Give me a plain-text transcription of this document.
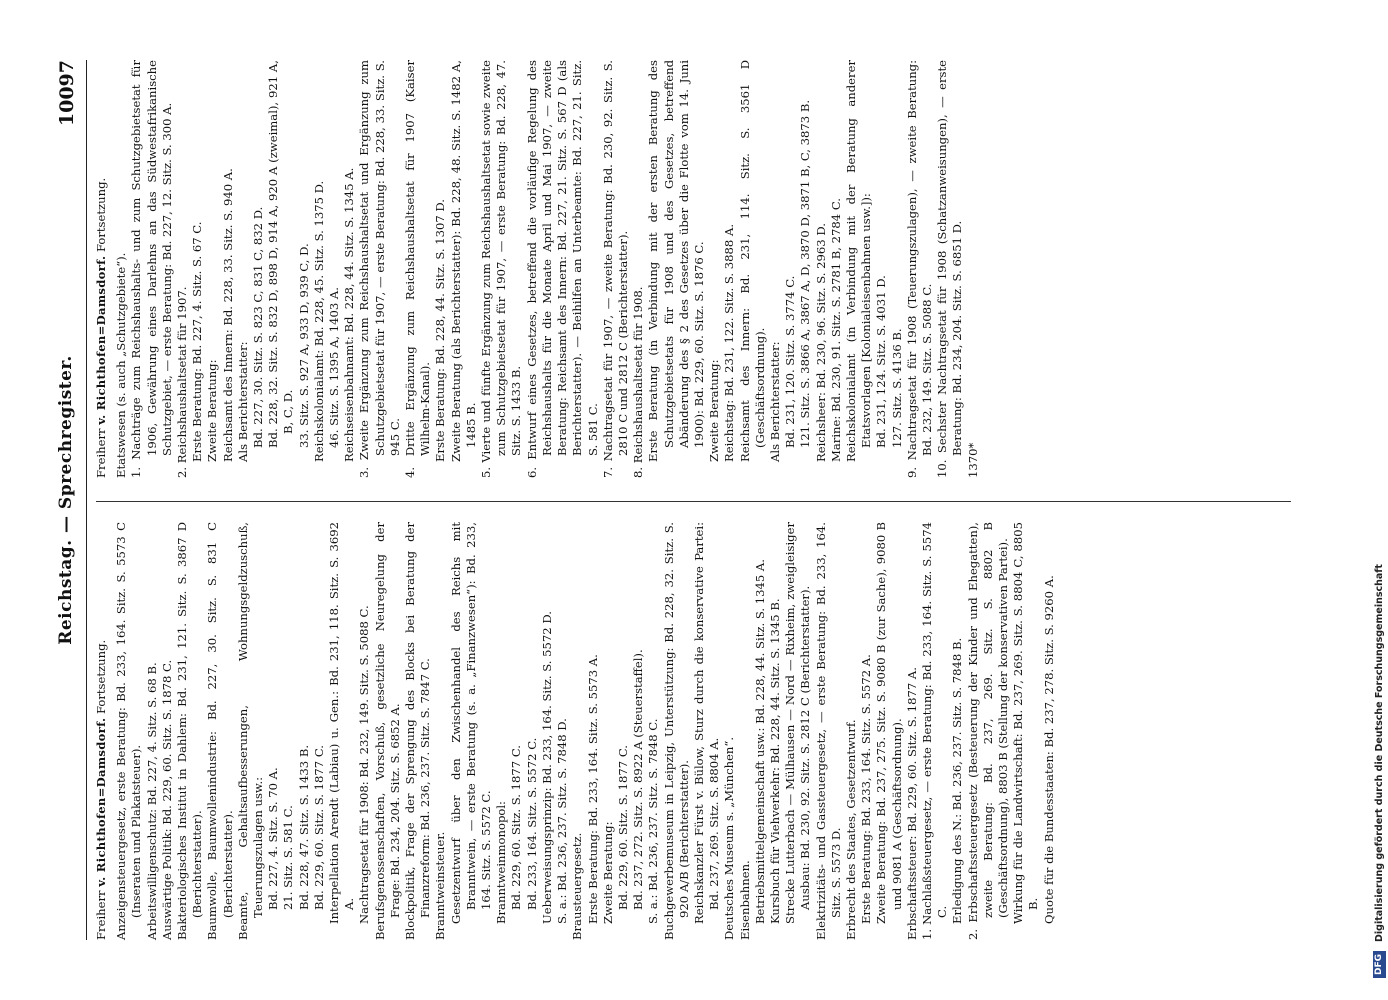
Reichstag. — Sprechregister.
10097
Freiherr v. Richthofen=Damsdorf. Fortsetzung. Anzeigensteuergesetz, erste Beratung: Bd. 233, 164. Sitz. S. 5573 C (Inseraten und Plakatsteuer). Arbeitswilligenschutz: Bd. 227, 4. Sitz. S. 68 B. Auswärtige Politik: Bd. 229, 60. Sitz. S. 1878 C. Bakteriologisches Institut in Dahlem: Bd. 231, 121. Sitz. S. 3867 D (Berichterstatter). Baumwolle, Baumwollenindustrie: Bd. 227, 30. Sitz. S. 831 C (Berichterstatter). Beamte, Gehaltsaufbesserungen, Wohnungsgeldzuschuß, Teuerungszulagen usw.: Bd. 227, 4. Sitz. S. 70 A. 21. Sitz. S. 581 C. Bd. 228, 47. Sitz. S. 1433 B. Bd. 229, 60. Sitz. S. 1877 C. Interpellation Arendt (Labiau) u. Gen.: Bd. 231, 118. Sitz. S. 3692 A. Nachtragsetat für 1908: Bd. 232, 149. Sitz. S. 5088 C. Berufsgenossenschaften, Vorschuß, gesetzliche Neuregelung der Frage: Bd. 234, 204. Sitz. S. 6852 A. Blockpolitik, Frage der Sprengung des Blocks bei Beratung der Finanzreform: Bd. 236, 237. Sitz. S. 7847 C. Branntweinsteuer. Gesetzentwurf über den Zwischenhandel des Reichs mit Branntwein, — erste Beratung (s. a. „Finanzwesen“): Bd. 233, 164. Sitz. S. 5572 C. Branntweinmonopol: Bd. 229, 60. Sitz. S. 1877 C. Bd. 233, 164. Sitz. S. 5572 C. Ueberweisungsprinzip: Bd. 233, 164. Sitz. S. 5572 D. S. a.: Bd. 236, 237. Sitz. S. 7848 D. Brausteuergesetz. Erste Beratung: Bd. 233, 164. Sitz. S. 5573 A. Zweite Beratung: Bd. 229, 60. Sitz. S. 1877 C. Bd. 237, 272. Sitz. S. 8922 A (Steuerstaffel). S. a.: Bd. 236, 237. Sitz. S. 7848 C. Buchgewerbemuseum in Leipzig, Unterstützung: Bd. 228, 32. Sitz. S. 920 A/B (Berichterstatter). Reichskanzler Fürst v. Bülow, Sturz durch die konservative Partei: Bd. 237, 269. Sitz. S. 8804 A. Deutsches Museum s. „München“. Eisenbahnen. Betriebsmittelgemeinschaft usw.: Bd. 228, 44. Sitz. S. 1345 A. Kursbuch für Viehverkehr: Bd. 228, 44. Sitz. S. 1345 B. Strecke Lutterbach — Mülhausen — Nord — Rixheim, zweigleisiger Ausbau: Bd. 230, 92. Sitz. S. 2812 C (Berichterstatter). Elektrizitäts- und Gassteuergesetz, — erste Beratung: Bd. 233, 164. Sitz. S. 5573 D. Erbrecht des Staates, Gesetzentwurf. Erste Beratung: Bd. 233, 164. Sitz. S. 5572 A. Zweite Beratung: Bd. 237, 275. Sitz. S. 9080 B (zur Sache), 9080 B und 9081 A (Geschäftsordnung). Erbschaftssteuer: Bd. 229, 60. Sitz. S. 1877 A. 1. Nachlaßsteuergesetz, — erste Beratung: Bd. 233, 164. Sitz. S. 5574 C. Erledigung des N.: Bd. 236, 237. Sitz. S. 7848 B. 2. Erbschaftssteuergesetz (Besteuerung der Kinder und Ehegatten), zweite Beratung: Bd. 237, 269. Sitz. S. 8802 B (Geschäftsordnung), 8803 B (Stellung der konservativen Partei). Wirkung für die Landwirtschaft: Bd. 237, 269. Sitz. S. 8804 C, 8805 B. Quote für die Bundesstaaten: Bd. 237, 278. Sitz. S. 9260 A.
Freiherr v. Richthofen=Damsdorf. Fortsetzung.
Etatswesen (s. auch „Schutzgebiete“). 1. Nachträge zum Reichshaushalts- und zum Schutzgebietsetat für 1906, Gewährung eines Darlehns an das Südwestafrikanische Schutzgebiet, — erste Beratung: Bd. 227, 12. Sitz. S. 300 A. 2. Reichshaushaltsetat für 1907. Erste Beratung: Bd. 227, 4. Sitz. S. 67 C. Zweite Beratung: Reichsamt des Innern: Bd. 228, 33. Sitz. S. 940 A. Als Berichterstatter: Bd. 227, 30. Sitz. S. 823 C, 831 C, 832 D. Bd. 228, 32. Sitz. S. 832 D, 898 D, 914 A, 920 A (zweimal), 921 A, B, C, D. 33. Sitz. S. 927 A, 933 D, 939 C, D. Reichskolonialamt: Bd. 228, 45. Sitz. S. 1375 D. 46. Sitz. S. 1395 A, 1403 A. Reichseisenbahnamt: Bd. 228, 44. Sitz. S. 1345 A. 3. Zweite Ergänzung zum Reichshaushaltsetat und Ergänzung zum Schutzgebietsetat für 1907, — erste Beratung: Bd. 228, 33. Sitz. S. 945 C. 4. Dritte Ergänzung zum Reichshaushaltsetat für 1907 (Kaiser Wilhelm-Kanal). Erste Beratung: Bd. 228, 44. Sitz. S. 1307 D. Zweite Beratung (als Berichterstatter): Bd. 228, 48. Sitz. S. 1482 A, 1485 B. 5. Vierte und fünfte Ergänzung zum Reichshaushaltsetat sowie zweite zum Schutzgebietsetat für 1907, — erste Beratung: Bd. 228, 47. Sitz. S. 1433 B. 6. Entwurf eines Gesetzes, betreffend die vorläufige Regelung des Reichshaushalts für die Monate April und Mai 1907, — zweite Beratung: Reichsamt des Innern: Bd. 227, 21. Sitz. S. 567 D (als Berichterstatter). — Beihilfen an Unterbeamte: Bd. 227, 21. Sitz. S. 581 C. 7. Nachtragsetat für 1907, — zweite Beratung: Bd. 230, 92. Sitz. S. 2810 C und 2812 C (Berichterstatter). 8. Reichshaushaltsetat für 1908. Erste Beratung (in Verbindung mit der ersten Beratung des Schutzgebietsetats für 1908 und des Gesetzes, betreffend Abänderung des § 2 des Gesetzes über die Flotte vom 14. Juni 1900): Bd. 229, 60. Sitz. S. 1876 C. Zweite Beratung: Reichstag: Bd. 231, 122. Sitz. S. 3888 A. Reichsamt des Innern: Bd. 231, 114. Sitz. S. 3561 D (Geschäftsordnung). Als Berichterstatter: Bd. 231, 120. Sitz. S. 3774 C. 121. Sitz. S. 3866 A, 3867 A, D, 3870 D, 3871 B, C, 3873 B. Reichsheer: Bd. 230, 96. Sitz. S. 2963 D. Marine: Bd. 230, 91. Sitz. S. 2781 B, 2784 C. Reichskolonialamt (in Verbindung mit der Beratung anderer Etatsvorlagen [Kolonialeisenbahnen usw.]): Bd. 231, 124. Sitz. S. 4031 D. 127. Sitz. S. 4136 B. 9. Nachtragsetat für 1908 (Teuerungszulagen), — zweite Beratung: Bd. 232, 149. Sitz. S. 5088 C. 10. Sechster Nachtragsetat für 1908 (Schatzanweisungen), — erste Beratung: Bd. 234, 204. Sitz. S. 6851 D.
1370*
DFG
Digitalisierung gefördert durch die Deutsche Forschungsgemeinschaft
